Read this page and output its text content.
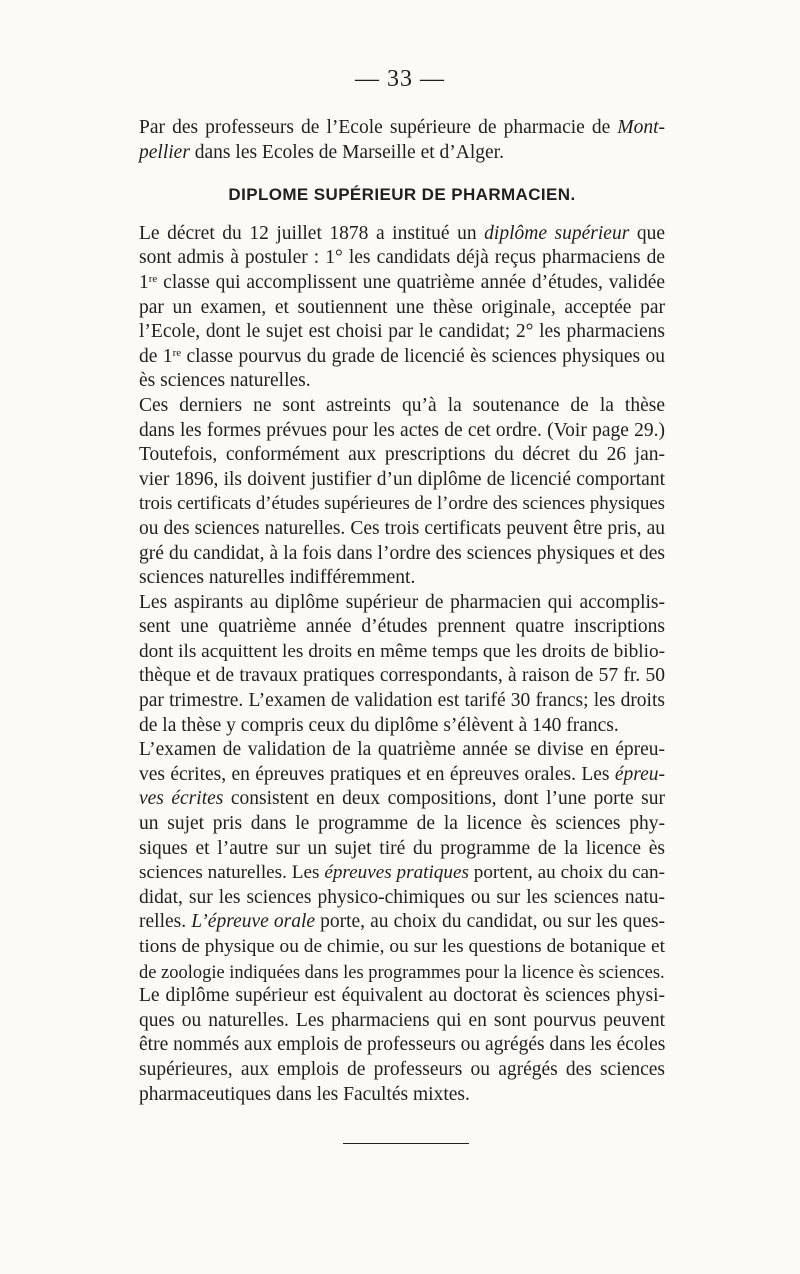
— 33 —
Par des professeurs de l’Ecole supérieure de pharmacie de Mont-
pellier dans les Ecoles de Marseille et d’Alger.
DIPLOME SUPÉRIEUR DE PHARMACIEN.
Le décret du 12 juillet 1878 a institué un diplôme supérieur que
sont admis à postuler : 1° les candidats déjà reçus pharmaciens de
1re classe qui accomplissent une quatrième année d’études, validée
par un examen, et soutiennent une thèse originale, acceptée par
l’Ecole, dont le sujet est choisi par le candidat; 2° les pharmaciens
de 1re classe pourvus du grade de licencié ès sciences physiques ou
ès sciences naturelles.
Ces derniers ne sont astreints qu’à la soutenance de la thèse
dans les formes prévues pour les actes de cet ordre. (Voir page 29.)
Toutefois, conformément aux prescriptions du décret du 26 jan-
vier 1896, ils doivent justifier d’un diplôme de licencié comportant
trois certificats d’études supérieures de l’ordre des sciences physiques
ou des sciences naturelles. Ces trois certificats peuvent être pris, au
gré du candidat, à la fois dans l’ordre des sciences physiques et des
sciences naturelles indifféremment.
Les aspirants au diplôme supérieur de pharmacien qui accomplis-
sent une quatrième année d’études prennent quatre inscriptions
dont ils acquittent les droits en même temps que les droits de biblio-
thèque et de travaux pratiques correspondants, à raison de 57 fr. 50
par trimestre. L’examen de validation est tarifé 30 francs; les droits
de la thèse y compris ceux du diplôme s’élèvent à 140 francs.
L’examen de validation de la quatrième année se divise en épreu-
ves écrites, en épreuves pratiques et en épreuves orales. Les épreu-
ves écrites consistent en deux compositions, dont l’une porte sur
un sujet pris dans le programme de la licence ès sciences phy-
siques et l’autre sur un sujet tiré du programme de la licence ès
sciences naturelles. Les épreuves pratiques portent, au choix du can-
didat, sur les sciences physico-chimiques ou sur les sciences natu-
relles. L’épreuve orale porte, au choix du candidat, ou sur les ques-
tions de physique ou de chimie, ou sur les questions de botanique et
de zoologie indiquées dans les programmes pour la licence ès sciences.
Le diplôme supérieur est équivalent au doctorat ès sciences physi-
ques ou naturelles. Les pharmaciens qui en sont pourvus peuvent
être nommés aux emplois de professeurs ou agrégés dans les écoles
supérieures, aux emplois de professeurs ou agrégés des sciences
pharmaceutiques dans les Facultés mixtes.
